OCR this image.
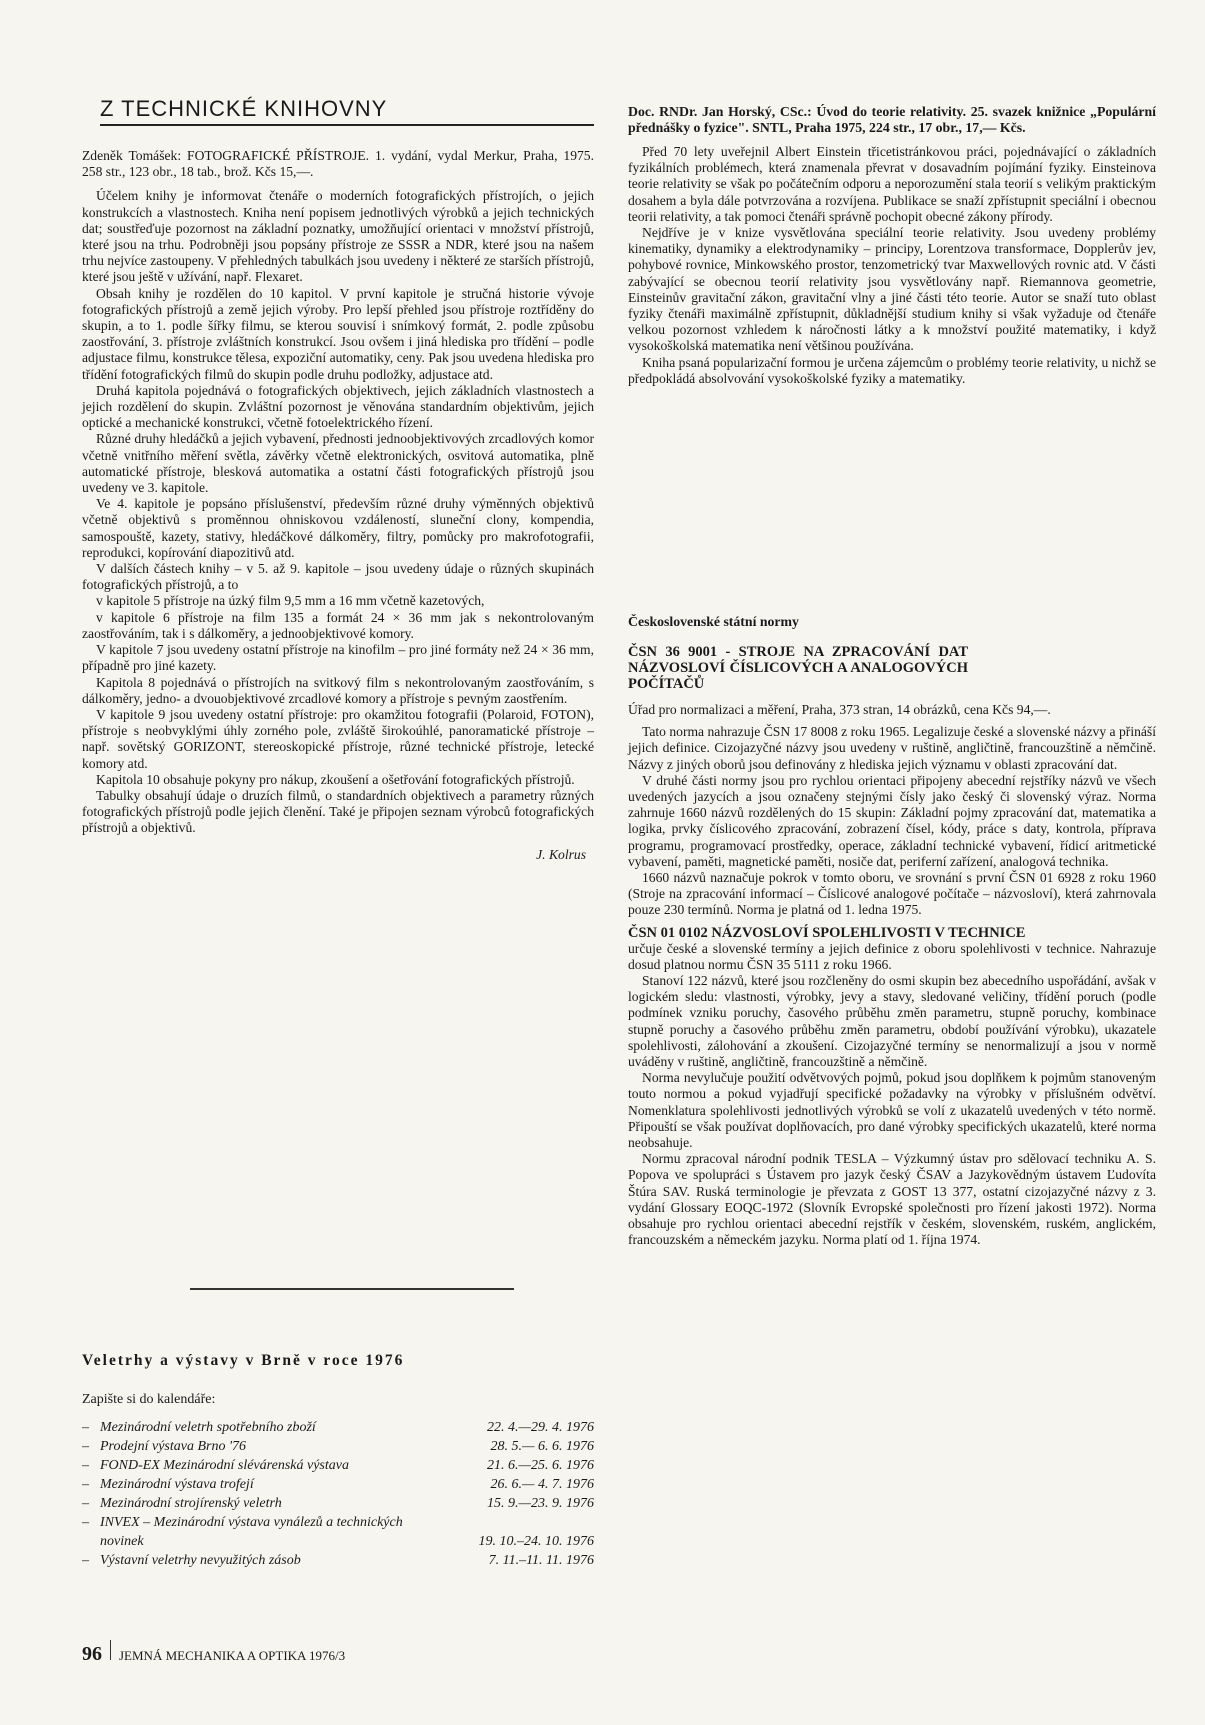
Z TECHNICKÉ KNIHOVNY

Zdeněk Tomášek: FOTOGRAFICKÉ PŘÍSTROJE. 1. vydání, vydal Merkur, Praha, 1975. 258 str., 123 obr., 18 tab., brož. Kčs 15,—.

Účelem knihy je informovat čtenáře o moderních fotografických přístrojích, o jejich konstrukcích a vlastnostech. Kniha není popisem jednotlivých výrobků a jejich technických dat; soustřeďuje pozornost na základní poznatky, umožňující orientaci v množství přístrojů, které jsou na trhu. Podrobněji jsou popsány přístroje ze SSSR a NDR, které jsou na našem trhu nejvíce zastoupeny. V přehledných tabulkách jsou uvedeny i některé ze starších přístrojů, které jsou ještě v užívání, např. Flexaret.

Obsah knihy je rozdělen do 10 kapitol. V první kapitole je stručná historie vývoje fotografických přístrojů a země jejich výroby. Pro lepší přehled jsou přístroje roztříděny do skupin, a to 1. podle šířky filmu, se kterou souvisí i snímkový formát, 2. podle způsobu zaostřování, 3. přístroje zvláštních konstrukcí. Jsou ovšem i jiná hlediska pro třídění – podle adjustace filmu, konstrukce tělesa, expoziční automatiky, ceny. Pak jsou uvedena hlediska pro třídění fotografických filmů do skupin podle druhu podložky, adjustace atd.

Druhá kapitola pojednává o fotografických objektivech, jejich základních vlastnostech a jejich rozdělení do skupin. Zvláštní pozornost je věnována standardním objektivům, jejich optické a mechanické konstrukci, včetně fotoelektrického řízení.

Různé druhy hledáčků a jejich vybavení, přednosti jednoobjektivových zrcadlových komor včetně vnitřního měření světla, závěrky včetně elektronických, osvitová automatika, plně automatické přístroje, blesková automatika a ostatní části fotografických přístrojů jsou uvedeny ve 3. kapitole.

Ve 4. kapitole je popsáno příslušenství, především různé druhy výměnných objektivů včetně objektivů s proměnnou ohniskovou vzdáleností, sluneční clony, kompendia, samospouště, kazety, stativy, hledáčkové dálkoměry, filtry, pomůcky pro makrofotografii, reprodukci, kopírování diapozitivů atd.

V dalších částech knihy – v 5. až 9. kapitole – jsou uvedeny údaje o různých skupinách fotografických přístrojů, a to

v kapitole 5 přístroje na úzký film 9,5 mm a 16 mm včetně kazetových,

v kapitole 6 přístroje na film 135 a formát 24 × 36 mm jak s nekontrolovaným zaostřováním, tak i s dálkoměry, a jednoobjektivové komory.

V kapitole 7 jsou uvedeny ostatní přístroje na kinofilm – pro jiné formáty než 24 × 36 mm, případně pro jiné kazety.

Kapitola 8 pojednává o přístrojích na svitkový film s nekontrolovaným zaostřováním, s dálkoměry, jedno- a dvouobjektivové zrcadlové komory a přístroje s pevným zaostřením.

V kapitole 9 jsou uvedeny ostatní přístroje: pro okamžitou fotografii (Polaroid, FOTON), přístroje s neobvyklými úhly zorného pole, zvláště širokoúhlé, panoramatické přístroje – např. sovětský GORIZONT, stereoskopické přístroje, různé technické přístroje, letecké komory atd.

Kapitola 10 obsahuje pokyny pro nákup, zkoušení a ošetřování fotografických přístrojů.

Tabulky obsahují údaje o druzích filmů, o standardních objektivech a parametry různých fotografických přístrojů podle jejich členění. Také je připojen seznam výrobců fotografických přístrojů a objektivů.

J. Kolrus
Veletrhy a výstavy v Brně v roce 1976
Zapište si do kalendáře:
– Mezinárodní veletrh spotřebního zboží	22. 4.—29. 4. 1976
– Prodejní výstava Brno '76	28. 5.— 6. 6. 1976
– FOND-EX Mezinárodní slévárenská výstava	21. 6.—25. 6. 1976
– Mezinárodní výstava trofejí	26. 6.— 4. 7. 1976
– Mezinárodní strojírenský veletrh	15. 9.—23. 9. 1976
– INVEX – Mezinárodní výstava vynálezů a technických novinek	19. 10.–24. 10. 1976
– Výstavní veletrhy nevyužitých zásob	7. 11.–11. 11. 1976

Doc. RNDr. Jan Horský, CSc.: Úvod do teorie relativity. 25. svazek knižnice „Populární přednášky o fyzice". SNTL, Praha 1975, 224 str., 17 obr., 17,— Kčs.

Před 70 lety uveřejnil Albert Einstein třicetistránkovou práci, pojednávající o základních fyzikálních problémech, která znamenala převrat v dosavadním pojímání fyziky. Einsteinova teorie relativity se však po počátečním odporu a neporozumění stala teorií s velikým praktickým dosahem a byla dále potvrzována a rozvíjena. Publikace se snaží zpřístupnit speciální i obecnou teorii relativity, a tak pomoci čtenáři správně pochopit obecné zákony přírody.

Nejdříve je v knize vysvětlována speciální teorie relativity. Jsou uvedeny problémy kinematiky, dynamiky a elektrodynamiky – principy, Lorentzova transformace, Dopplerův jev, pohybové rovnice, Minkowského prostor, tenzometrický tvar Maxwellových rovnic atd. V části zabývající se obecnou teorií relativity jsou vysvětlovány např. Riemannova geometrie, Einsteinův gravitační zákon, gravitační vlny a jiné části této teorie. Autor se snaží tuto oblast fyziky čtenáři maximálně zpřístupnit, důkladnější studium knihy si však vyžaduje od čtenáře velkou pozornost vzhledem k náročnosti látky a k množství použité matematiky, i když vysokoškolská matematika není většinou používána.

Kniha psaná popularizační formou je určena zájemcům o problémy teorie relativity, u nichž se předpokládá absolvování vysokoškolské fyziky a matematiky.

Československé státní normy

ČSN 36 9001 - STROJE NA ZPRACOVÁNÍ DAT NÁZVOSLOVÍ ČÍSLICOVÝCH A ANALOGOVÝCH POČÍTAČŮ

Úřad pro normalizaci a měření, Praha, 373 stran, 14 obrázků, cena Kčs 94,—.

Tato norma nahrazuje ČSN 17 8008 z roku 1965. Legalizuje české a slovenské názvy a přináší jejich definice. Cizojazyčné názvy jsou uvedeny v ruštině, angličtině, francouzštině a němčině. Názvy z jiných oborů jsou definovány z hlediska jejich významu v oblasti zpracování dat.

V druhé části normy jsou pro rychlou orientaci připojeny abecední rejstříky názvů ve všech uvedených jazycích a jsou označeny stejnými čísly jako český či slovenský výraz. Norma zahrnuje 1660 názvů rozdělených do 15 skupin: Základní pojmy zpracování dat, matematika a logika, prvky číslicového zpracování, zobrazení čísel, kódy, práce s daty, kontrola, příprava programu, programovací prostředky, operace, základní technické vybavení, řídicí aritmetické vybavení, paměti, magnetické paměti, nosiče dat, periferní zařízení, analogová technika.

1660 názvů naznačuje pokrok v tomto oboru, ve srovnání s první ČSN 01 6928 z roku 1960 (Stroje na zpracování informací – Číslicové analogové počítače – názvosloví), která zahrnovala pouze 230 termínů. Norma je platná od 1. ledna 1975.

ČSN 01 0102 NÁZVOSLOVÍ SPOLEHLIVOSTI V TECHNICE

určuje české a slovenské termíny a jejich definice z oboru spolehlivosti v technice. Nahrazuje dosud platnou normu ČSN 35 5111 z roku 1966.

Stanoví 122 názvů, které jsou rozčleněny do osmi skupin bez abecedního uspořádání, avšak v logickém sledu: vlastnosti, výrobky, jevy a stavy, sledované veličiny, třídění poruch (podle podmínek vzniku poruchy, časového průběhu změn parametru, stupně poruchy, kombinace stupně poruchy a časového průběhu změn parametru, období používání výrobku), ukazatele spolehlivosti, zálohování a zkoušení. Cizojazyčné termíny se nenormalizují a jsou v normě uváděny v ruštině, angličtině, francouzštině a němčině.

Norma nevylučuje použití odvětvových pojmů, pokud jsou doplňkem k pojmům stanoveným touto normou a pokud vyjadřují specifické požadavky na výrobky v příslušném odvětví. Nomenklatura spolehlivosti jednotlivých výrobků se volí z ukazatelů uvedených v této normě. Připouští se však používat doplňovacích, pro dané výrobky specifických ukazatelů, které norma neobsahuje.

Normu zpracoval národní podnik TESLA – Výzkumný ústav pro sdělovací techniku A. S. Popova ve spolupráci s Ústavem pro jazyk český ČSAV a Jazykovědným ústavem Ľudovíta Štúra SAV. Ruská terminologie je převzata z GOST 13 377, ostatní cizojazyčné názvy z 3. vydání Glossary EOQC-1972 (Slovník Evropské společnosti pro řízení jakosti 1972). Norma obsahuje pro rychlou orientaci abecední rejstřík v českém, slovenském, ruském, anglickém, francouzském a německém jazyku. Norma platí od 1. října 1974.

96 JEMNÁ MECHANIKA A OPTIKA 1976/3
